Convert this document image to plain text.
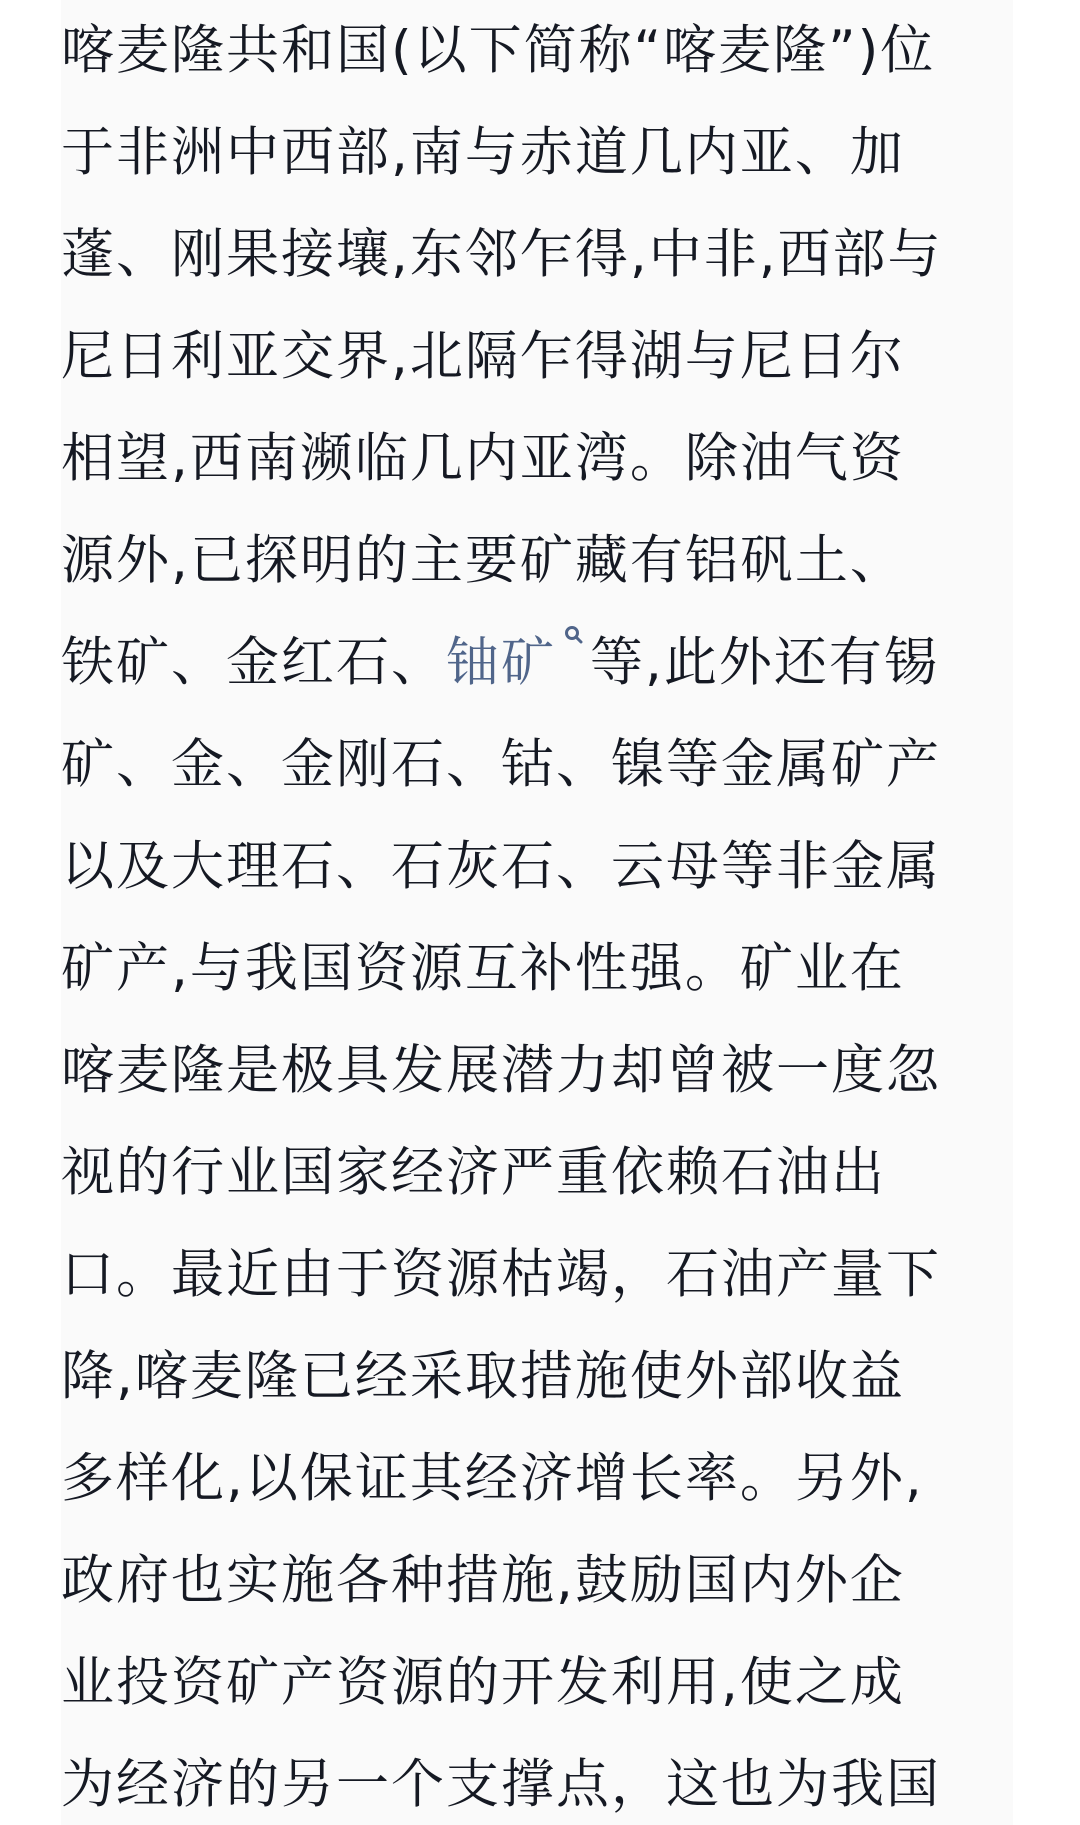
喀麦隆共和国(以下简称“喀麦隆”)位
于非洲中西部,南与赤道几内亚、加
蓬、刚果接壤,东邻乍得,中非,西部与
尼日利亚交界,北隔乍得湖与尼日尔
相望,西南濒临几内亚湾。除油气资
源外,已探明的主要矿藏有铝矾土、
铁矿、金红石、铀矿 等,此外还有锡
矿、金、金刚石、钴、镍等金属矿产
以及大理石、石灰石、云母等非金属
矿产,与我国资源互补性强。矿业在
喀麦隆是极具发展潜力却曾被一度忽
视的行业国家经济严重依赖石油出
口。最近由于资源枯竭，石油产量下
降,喀麦隆已经采取措施使外部收益
多样化,以保证其经济增长率。另外,
政府也实施各种措施,鼓励国内外企
业投资矿产资源的开发利用,使之成
为经济的另一个支撑点，这也为我国
